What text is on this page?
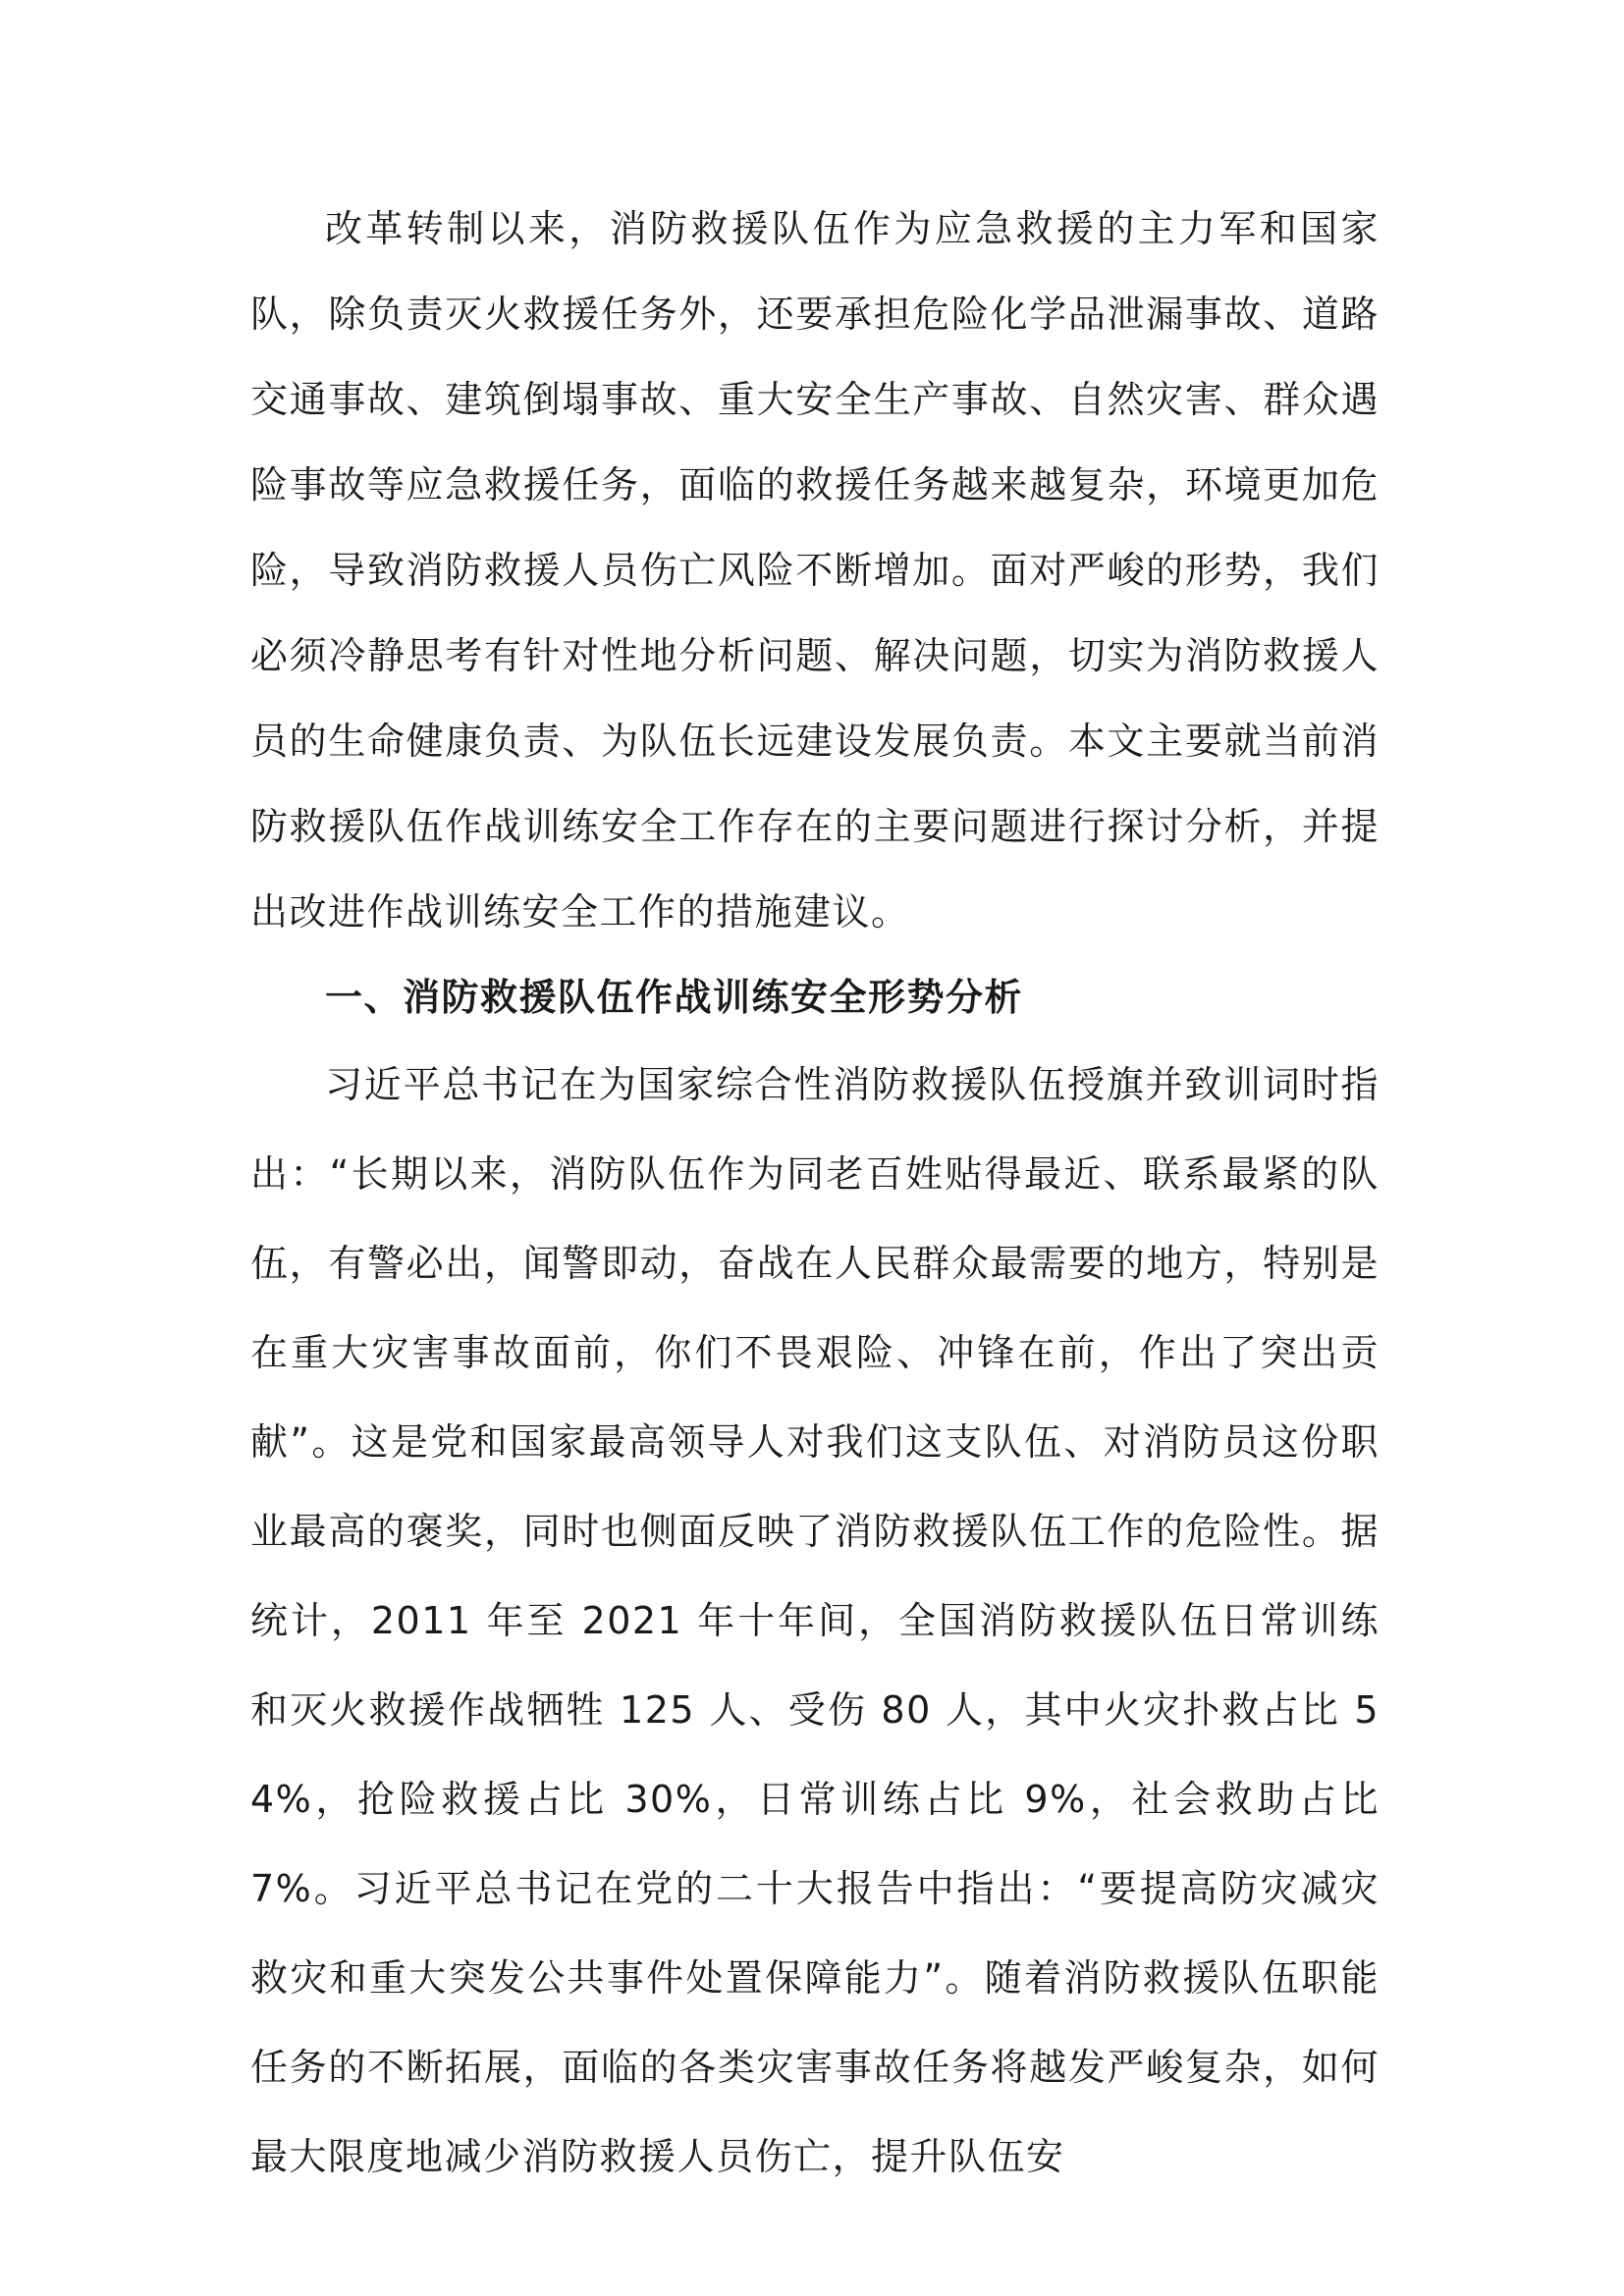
改革转制以来，消防救援队伍作为应急救援的主力军和国家队，除负责灭火救援任务外，还要承担危险化学品泄漏事故、道路交通事故、建筑倒塌事故、重大安全生产事故、自然灾害、群众遇险事故等应急救援任务，面临的救援任务越来越复杂，环境更加危险，导致消防救援人员伤亡风险不断增加。面对严峻的形势，我们必须冷静思考有针对性地分析问题、解决问题，切实为消防救援人员的生命健康负责、为队伍长远建设发展负责。本文主要就当前消防救援队伍作战训练安全工作存在的主要问题进行探讨分析，并提出改进作战训练安全工作的措施建议。

一、消防救援队伍作战训练安全形势分析

习近平总书记在为国家综合性消防救援队伍授旗并致训词时指出：“长期以来，消防队伍作为同老百姓贴得最近、联系最紧的队伍，有警必出，闻警即动，奋战在人民群众最需要的地方，特别是在重大灾害事故面前，你们不畏艰险、冲锋在前，作出了突出贡献”。这是党和国家最高领导人对我们这支队伍、对消防员这份职业最高的褒奖，同时也侧面反映了消防救援队伍工作的危险性。据统计，2011 年至 2021 年十年间，全国消防救援队伍日常训练和灭火救援作战牺牲 125 人、受伤 80 人，其中火灾扑救占比 54%，抢险救援占比 30%，日常训练占比 9%，社会救助占比 7%。习近平总书记在党的二十大报告中指出：“要提高防灾减灾救灾和重大突发公共事件处置保障能力”。随着消防救援队伍职能任务的不断拓展，面临的各类灾害事故任务将越发严峻复杂，如何最大限度地减少消防救援人员伤亡，提升队伍安
